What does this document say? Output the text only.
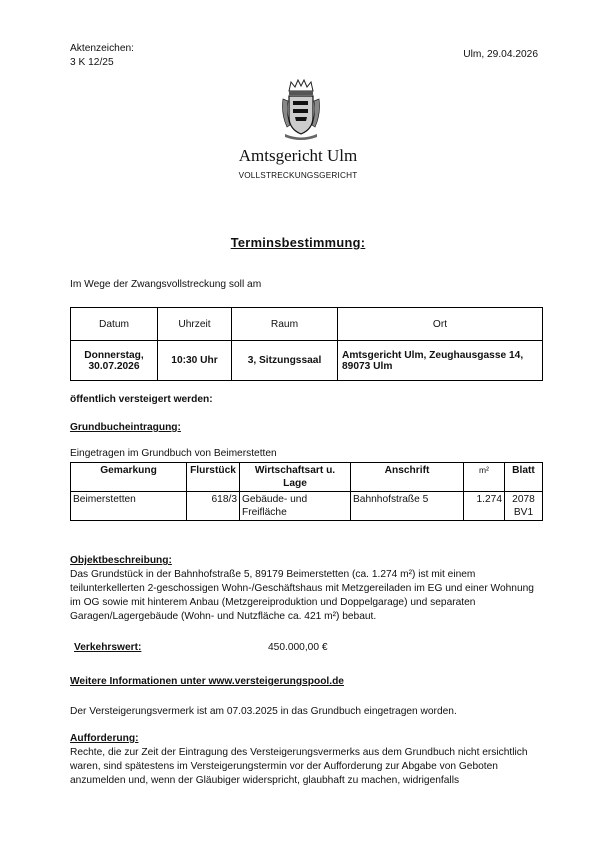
Aktenzeichen:
3 K 12/25
Ulm, 29.04.2026
Amtsgericht Ulm
VOLLSTRECKUNGSGERICHT
Terminsbestimmung:
Im Wege der Zwangsvollstreckung soll am
Datum	Uhrzeit	Raum	Ort
Donnerstag, 30.07.2026	10:30 Uhr	3, Sitzungssaal	Amtsgericht Ulm, Zeughausgasse 14, 89073 Ulm
öffentlich versteigert werden:
Grundbucheintragung:
Eingetragen im Grundbuch von Beimerstetten
Gemarkung	Flurstück	Wirtschaftsart u. Lage	Anschrift	m²	Blatt
Beimerstetten	618/3	Gebäude- und Freifläche	Bahnhofstraße 5	1.274	2078 BV1
Objektbeschreibung:
Das Grundstück in der Bahnhofstraße 5, 89179 Beimerstetten (ca. 1.274 m²) ist mit einem teilunterkellerten 2-geschossigen Wohn-/Geschäftshaus mit Metzgereiladen im EG und einer Wohnung im OG sowie mit hinterem Anbau (Metzgereiproduktion und Doppelgarage) und separaten Garagen/Lagergebäude (Wohn- und Nutzfläche ca. 421 m²) bebaut.
Verkehrswert:	450.000,00 €
Weitere Informationen unter www.versteigerungspool.de
Der Versteigerungsvermerk ist am 07.03.2025 in das Grundbuch eingetragen worden.
Aufforderung:
Rechte, die zur Zeit der Eintragung des Versteigerungsvermerks aus dem Grundbuch nicht ersichtlich waren, sind spätestens im Versteigerungstermin vor der Aufforderung zur Abgabe von Geboten anzumelden und, wenn der Gläubiger widerspricht, glaubhaft zu machen, widrigenfalls
